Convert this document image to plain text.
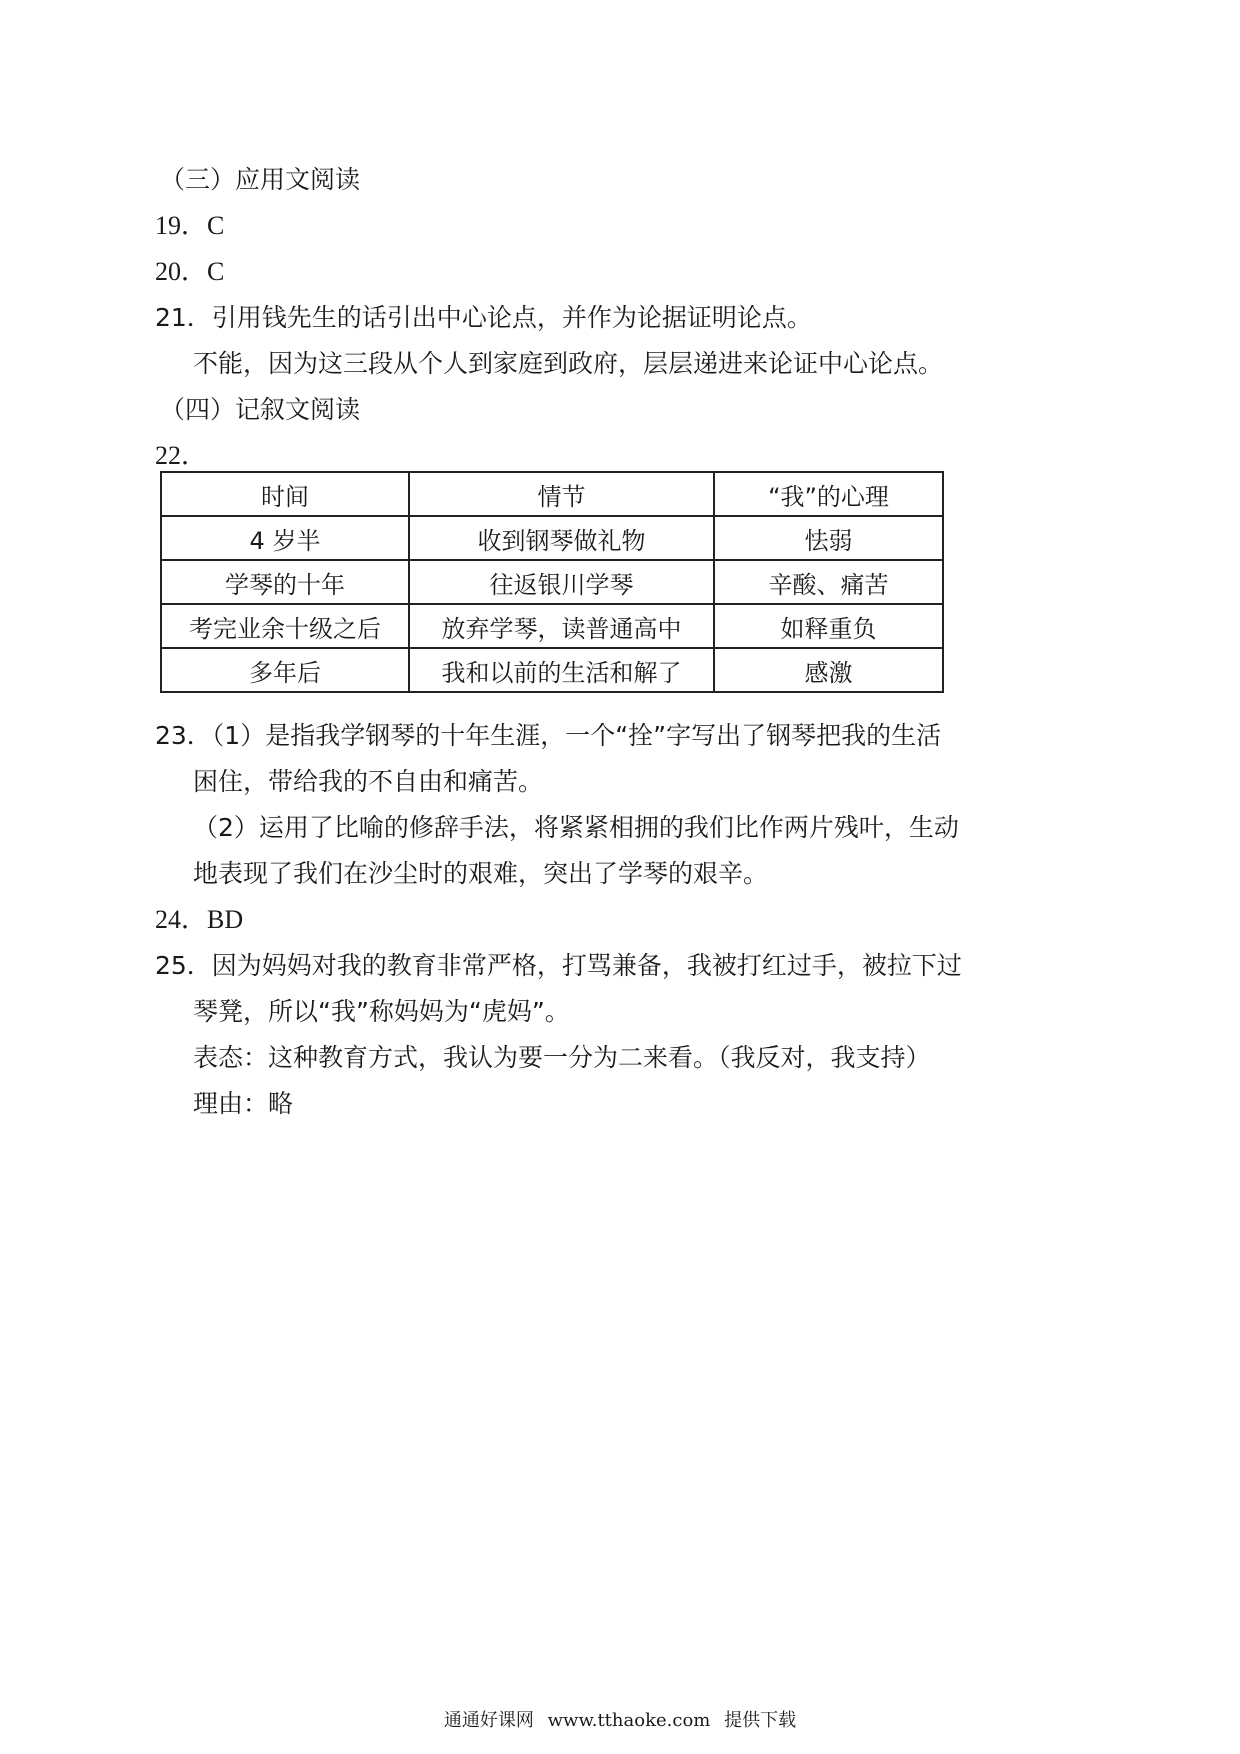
（三）应用文阅读
19．C
20．C
21．引用钱先生的话引出中心论点，并作为论据证明论点。
不能，因为这三段从个人到家庭到政府，层层递进来论证中心论点。
（四）记叙文阅读
22．
时间	情节	“我”的心理
4 岁半	收到钢琴做礼物	怯弱
学琴的十年	往返银川学琴	辛酸、痛苦
考完业余十级之后	放弃学琴，读普通高中	如释重负
多年后	我和以前的生活和解了	感激
23．（1）是指我学钢琴的十年生涯，一个“拴”字写出了钢琴把我的生活
困住，带给我的不自由和痛苦。
（2）运用了比喻的修辞手法，将紧紧相拥的我们比作两片残叶，生动
地表现了我们在沙尘时的艰难，突出了学琴的艰辛。
24．BD
25．因为妈妈对我的教育非常严格，打骂兼备，我被打红过手，被拉下过
琴凳，所以“我”称妈妈为“虎妈”。
表态：这种教育方式，我认为要一分为二来看。（我反对，我支持）
理由：略
通通好课网 www.tthaoke.com 提供下载
